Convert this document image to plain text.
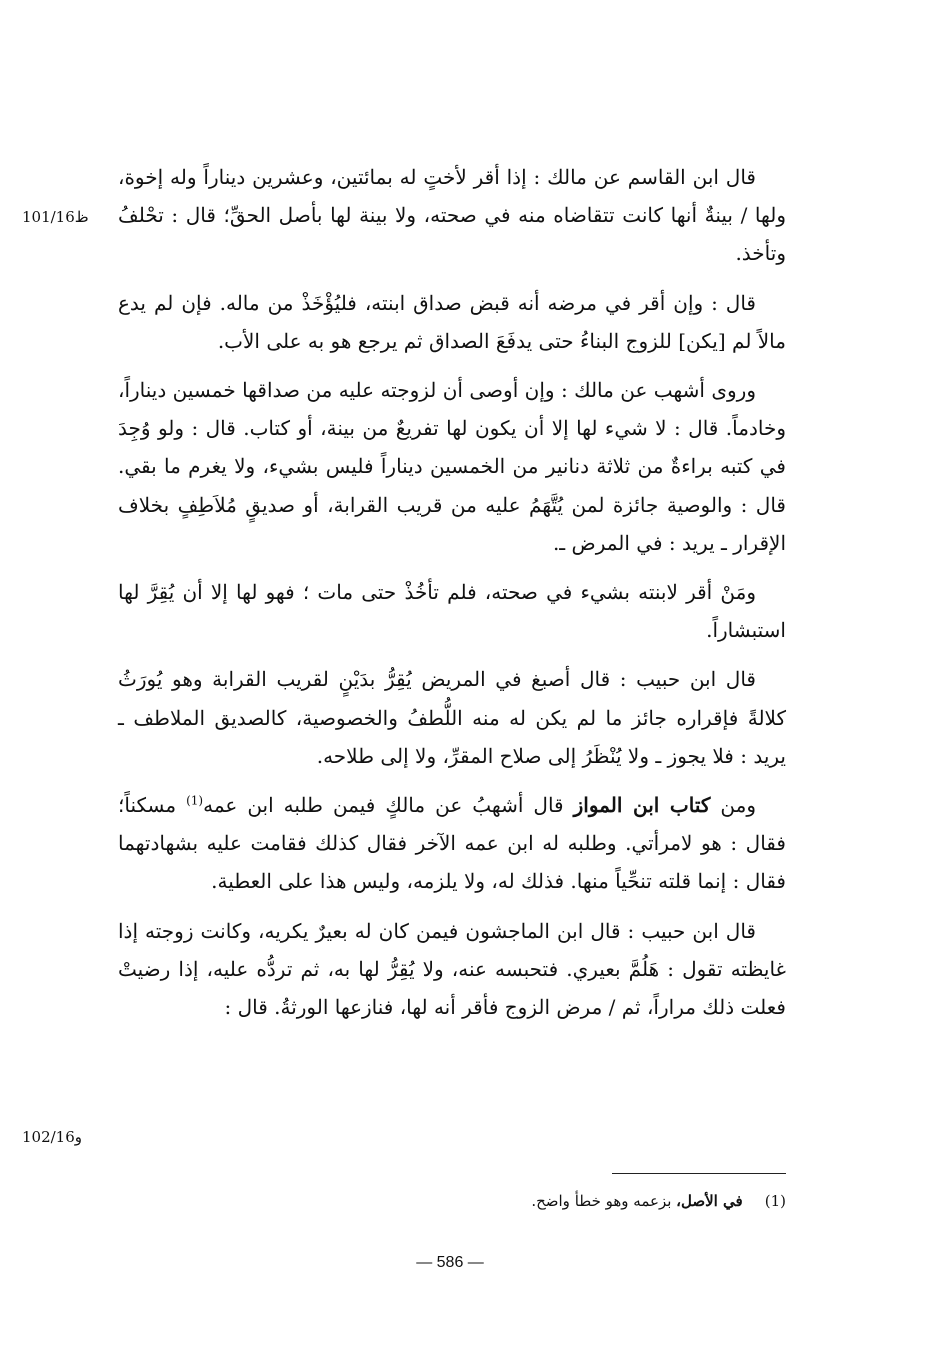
قال ابن القاسم عن مالك : إذا أقر لأختٍ له بمائتين، وعشرين ديناراً وله إخوة، ولها / بينةٌ أنها كانت تتقاضاه منه في صحته، ولا بينة لها بأصل الحقِّ؛ قال : تحْلفُ وتأخذ.

قال : وإن أقر في مرضه أنه قبض صداق ابنته، فليُؤْخَذْ من ماله. فإن لم يدع مالاً لم [يكن] للزوج البناءُ حتى يدفَعَ الصداق ثم يرجع هو به على الأب.

وروى أشهب عن مالك : وإن أوصى أن لزوجته عليه من صداقها خمسين ديناراً، وخادماً. قال : لا شيء لها إلا أن يكون لها تفريعٌ من بينة، أو كتاب. قال : ولو وُجِدَ في كتبه براءةٌ من ثلاثة دنانير من الخمسين ديناراً فليس بشيء، ولا يغرم ما بقي. قال : والوصية جائزة لمن يُتَّهَمُ عليه من قريب القرابة، أو صديقٍ مُلاَطِفٍ بخلاف الإقرار ـ يريد : في المرض ـ.

ومَنْ أقر لابنته بشيء في صحته، فلم تأخُذْ حتى مات ؛ فهو لها إلا أن يُقِرَّ لها استبشاراً.

قال ابن حبيب : قال أصبغ في المريض يُقِرُّ بدَيْنٍ لقريب القرابة وهو يُورَثُ كلالةً فإقراره جائز ما لم يكن له منه اللُّطفُ والخصوصية، كالصديق الملاطف ـ يريد : فلا يجوز ـ ولا يُنْظَرُ إلى صلاح المقرِّ، ولا إلى طلاحه.

ومن كتاب ابن المواز قال أشهبُ عن مالكٍ فيمن طلبه ابن عمه$^{(1)}$ مسكناً؛ فقال : هو لامرأتي. وطلبه له ابن عمه الآخر فقال كذلك فقامت عليه بشهادتهما فقال : إنما قلته تنحِّياً منها. فذلك له، ولا يلزمه، وليس هذا على العطية.

قال ابن حبيب : قال ابن الماجشون فيمن كان له بعيرٌ يكريه، وكانت زوجته إذا غايظته تقول : هَلُمَّ بعيري. فتحبسه عنه، ولا يُقِرُّ لها به، ثم تردُّه عليه، إذا رضيتْ فعلت ذلك مراراً، ثم / مرض الزوج فأقر أنه لها، فنازعها الورثةُ. قال :

101/16ظ
102/16و
(1)في الأصل، بزعمه وهو خطأ واضح.
— 586 —
